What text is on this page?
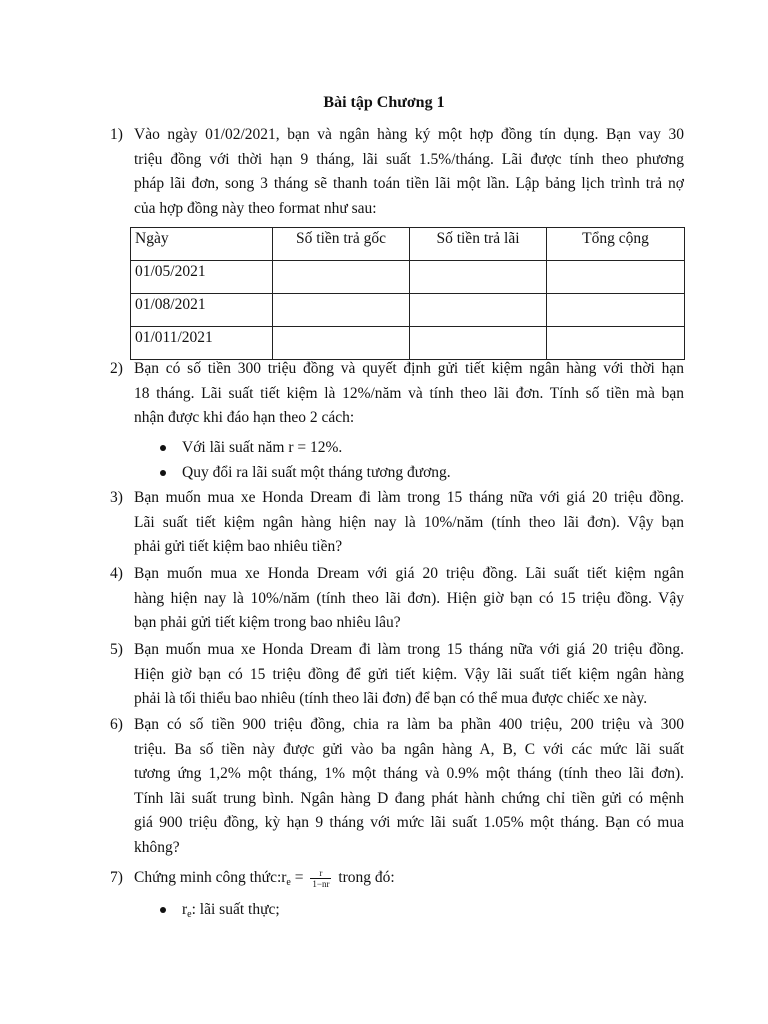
Bài tập Chương 1
1) Vào ngày 01/02/2021, bạn và ngân hàng ký một hợp đồng tín dụng. Bạn vay 30
triệu đồng với thời hạn 9 tháng, lãi suất 1.5%/tháng. Lãi được tính theo phương
pháp lãi đơn, song 3 tháng sẽ thanh toán tiền lãi một lần. Lập bảng lịch trình trả nợ
của hợp đồng này theo format như sau:
Ngày	Số tiền trả gốc	Số tiền trả lãi	Tổng cộng
01/05/2021			
01/08/2021			
01/011/2021			
2) Bạn có số tiền 300 triệu đồng và quyết định gửi tiết kiệm ngân hàng với thời hạn
18 tháng. Lãi suất tiết kiệm là 12%/năm và tính theo lãi đơn. Tính số tiền mà bạn
nhận được khi đáo hạn theo 2 cách:
Với lãi suất năm r = 12%.
Quy đổi ra lãi suất một tháng tương đương.
3) Bạn muốn mua xe Honda Dream đi làm trong 15 tháng nữa với giá 20 triệu đồng.
Lãi suất tiết kiệm ngân hàng hiện nay là 10%/năm (tính theo lãi đơn). Vậy bạn
phải gửi tiết kiệm bao nhiêu tiền?
4) Bạn muốn mua xe Honda Dream với giá 20 triệu đồng. Lãi suất tiết kiệm ngân
hàng hiện nay là 10%/năm (tính theo lãi đơn). Hiện giờ bạn có 15 triệu đồng. Vậy
bạn phải gửi tiết kiệm trong bao nhiêu lâu?
5) Bạn muốn mua xe Honda Dream đi làm trong 15 tháng nữa với giá 20 triệu đồng.
Hiện giờ bạn có 15 triệu đồng để gửi tiết kiệm. Vậy lãi suất tiết kiệm ngân hàng
phải là tối thiểu bao nhiêu (tính theo lãi đơn) để bạn có thể mua được chiếc xe này.
6) Bạn có số tiền 900 triệu đồng, chia ra làm ba phần 400 triệu, 200 triệu và 300
triệu. Ba số tiền này được gửi vào ba ngân hàng A, B, C với các mức lãi suất
tương ứng 1,2% một tháng, 1% một tháng và 0.9% một tháng (tính theo lãi đơn).
Tính lãi suất trung bình. Ngân hàng D đang phát hành chứng chỉ tiền gửi có mệnh
giá 900 triệu đồng, kỳ hạn 9 tháng với mức lãi suất 1.05% một tháng. Bạn có mua
không?
7) Chứng minh công $thức:r_e = \frac{r}{1-nr}$ trong đó:
$r_e$: lãi suất thực;
